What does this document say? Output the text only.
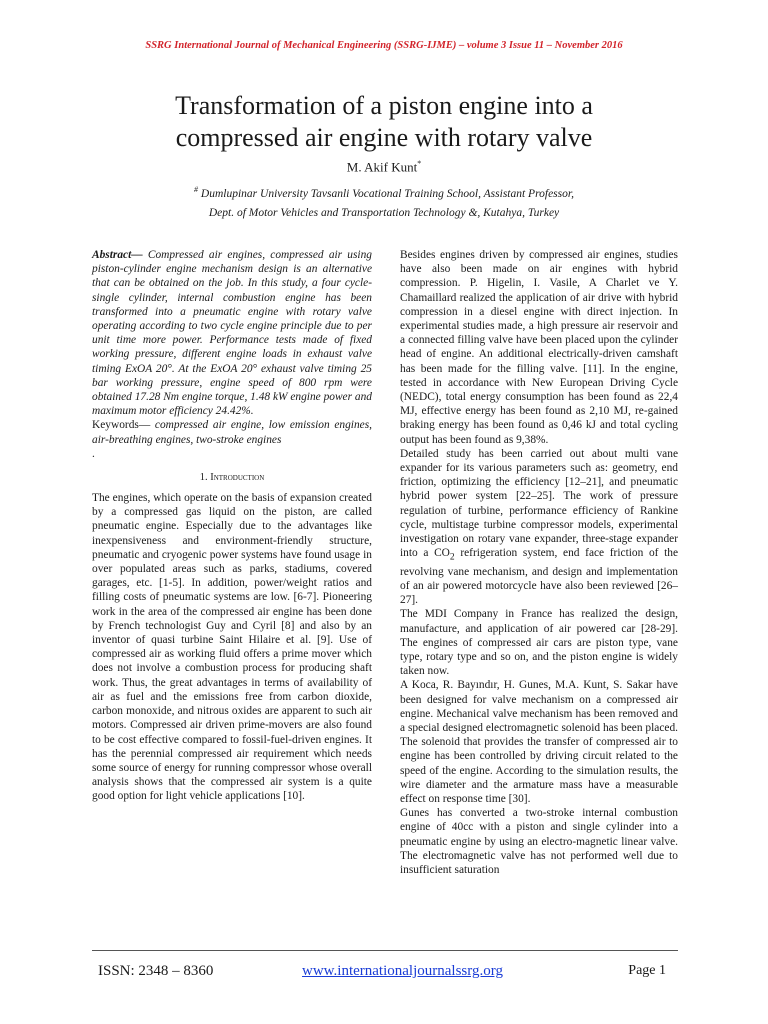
SSRG International Journal of Mechanical Engineering (SSRG-IJME) – volume 3 Issue 11 – November 2016
Transformation of a piston engine into a
compressed air engine with rotary valve
M. Akif Kunt*
# Dumlupinar University Tavsanli Vocational Training School, Assistant Professor,
Dept. of Motor Vehicles and Transportation Technology &, Kutahya, Turkey

Abstract— Compressed air engines, compressed air using piston-cylinder engine mechanism design is an alternative that can be obtained on the job. In this study, a four cycle- single cylinder, internal combustion engine has been transformed into a pneumatic engine with rotary valve operating according to two cycle engine principle due to per unit time more power. Performance tests made of fixed working pressure, different engine loads in exhaust valve timing ExOA 20°. At the ExOA 20° exhaust valve timing 25 bar working pressure, engine speed of 800 rpm were obtained 17.28 Nm engine torque, 1.48 kW engine power and maximum motor efficiency 24.42%.

Keywords— compressed air engine, low emission engines, air-breathing engines, two-stroke engines

.
1. Introduction

The engines, which operate on the basis of expansion created by a compressed gas liquid on the piston, are called pneumatic engine. Especially due to the advantages like inexpensiveness and environment-friendly structure, pneumatic and cryogenic power systems have found usage in over populated areas such as parks, stadiums, covered garages, etc. [1-5]. In addition, power/weight ratios and filling costs of pneumatic systems are low. [6-7]. Pioneering work in the area of the compressed air engine has been done by French technologist Guy and Cyril [8] and also by an inventor of quasi turbine Saint Hilaire et al. [9]. Use of compressed air as working fluid offers a prime mover which does not involve a combustion process for producing shaft work. Thus, the great advantages in terms of availability of air as fuel and the emissions free from carbon dioxide, carbon monoxide, and nitrous oxides are apparent to such air motors. Compressed air driven prime-movers are also found to be cost effective compared to fossil-fuel-driven engines. It has the perennial compressed air requirement which needs some source of energy for running compressor whose overall analysis shows that the compressed air system is a quite good option for light vehicle applications [10].

Besides engines driven by compressed air engines, studies have also been made on air engines with hybrid compression. P. Higelin, I. Vasile, A Charlet ve Y. Chamaillard realized the application of air drive with hybrid compression in a diesel engine with direct injection. In experimental studies made, a high pressure air reservoir and a connected filling valve have been placed upon the cylinder head of engine. An additional electrically-driven camshaft has been made for the filling valve. [11]. In the engine, tested in accordance with New European Driving Cycle (NEDC), total energy consumption has been found as 22,4 MJ, effective energy has been found as 2,10 MJ, re-gained braking energy has been found as 0,46 kJ and total cycling output has been found as 9,38%.

Detailed study has been carried out about multi vane expander for its various parameters such as: geometry, end friction, optimizing the efficiency [12–21], and pneumatic hybrid power system [22–25]. The work of pressure regulation of turbine, performance efficiency of Rankine cycle, multistage turbine compressor models, experimental investigation on rotary vane expander, three-stage expander into a $CO_2$ refrigeration system, end face friction of the revolving vane mechanism, and design and implementation of an air powered motorcycle have also been reviewed [26–27].

The MDI Company in France has realized the design, manufacture, and application of air powered car [28-29]. The engines of compressed air cars are piston type, vane type, rotary type and so on, and the piston engine is widely taken now.

A Koca, R. Bayındır, H. Gunes, M.A. Kunt, S. Sakar have been designed for valve mechanism on a compressed air engine. Mechanical valve mechanism has been removed and a special designed electromagnetic solenoid has been placed. The solenoid that provides the transfer of compressed air to engine has been controlled by driving circuit related to the speed of the engine. According to the simulation results, the wire diameter and the armature mass have a measurable effect on response time [30].

Gunes has converted a two-stroke internal combustion engine of 40cc with a piston and single cylinder into a pneumatic engine by using an electro-magnetic linear valve. The electromagnetic valve has not performed well due to insufficient saturation

ISSN: 2348 – 8360	www.internationaljournalssrg.org	Page 1
